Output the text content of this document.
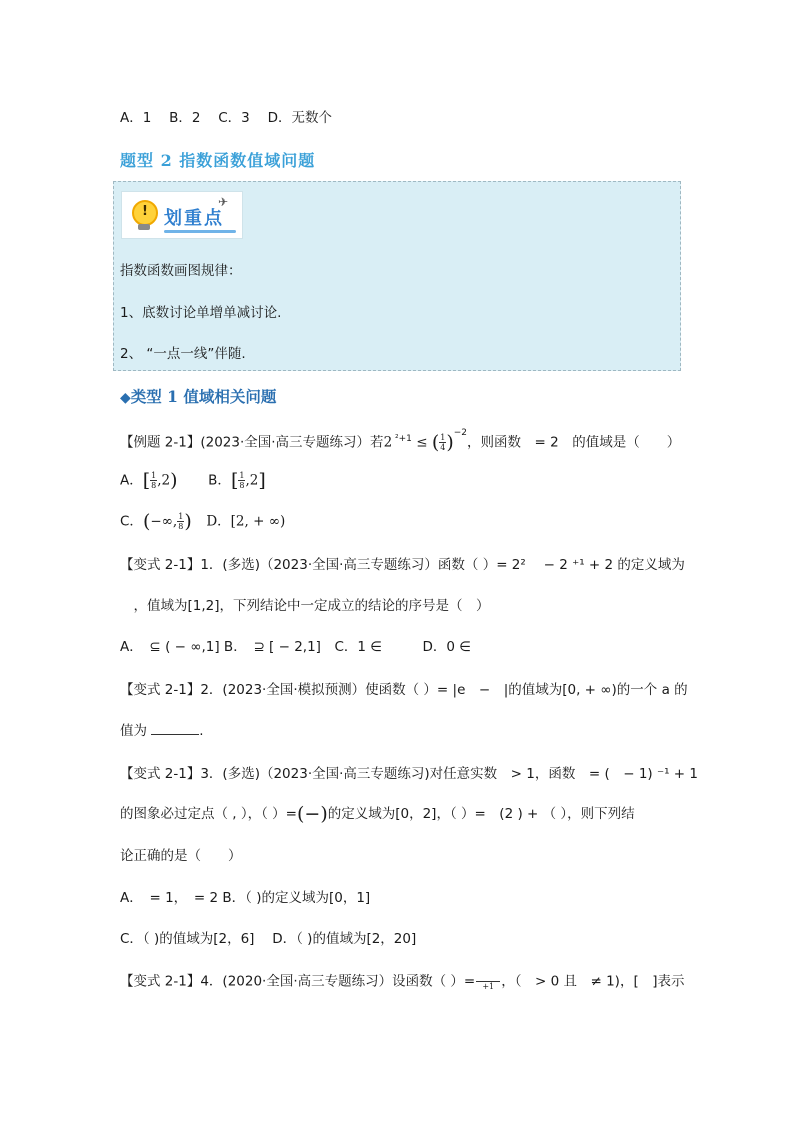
A．1　 B．2　 C．3　 D．无数个
题型 2 指数函数值域问题
! 划重点
✈
指数函数画图规律：
1、底数讨论单增单减讨论.
2、 “一点一线”伴随.
◆类型 1 值域相关问题
【例题 2-1】(2023·全国·高三专题练习）若2 $^{^2+1}$ ≤ ( $\frac{1}{4} )^{-2}$，则函数　= 2　的值域是（　　）
A．[ $\frac{1}{8} ,2$) B．[ $\frac{1}{8} ,2$]
C．(−∞, $\frac{1}{8}$ ) D．[2, + ∞)
【变式 2-1】1．(多选)（2023·全国·高三专题练习）函数（ ）= 2² 　− 2 ⁺¹ + 2 的定义域为
　，值域为[1,2]，下列结论中一定成立的结论的序号是（　）
A．　⊆ ( − ∞,1] B．　⊇ [ − 2,1]　C．1 ∈　　　D．0 ∈
【变式 2-1】2．(2023·全国·模拟预测）使函数（ ）= |e　−　|的值域为[0, + ∞)的一个 a 的
值为	.
【变式 2-1】3．(多选)（2023·全国·高三专题练习)对任意实数　> 1，函数　= (　− 1) ⁻¹ + 1
的图象必过定点（ , ），（ ）=(−)的定义域为[0，2]，（ ）=　(2 ) + （ ），则下列结
论正确的是（　　）
A．　= 1，　= 2 B．（ )的定义域为[0，1]
C．（ )的值域为[2，6]　 D．（ )的值域为[2，20]
【变式 2-1】4．(2020·全国·高三专题练习）设函数（ ）=
　 +1 ，（　> 0 且　≠ 1)，[　]表示
